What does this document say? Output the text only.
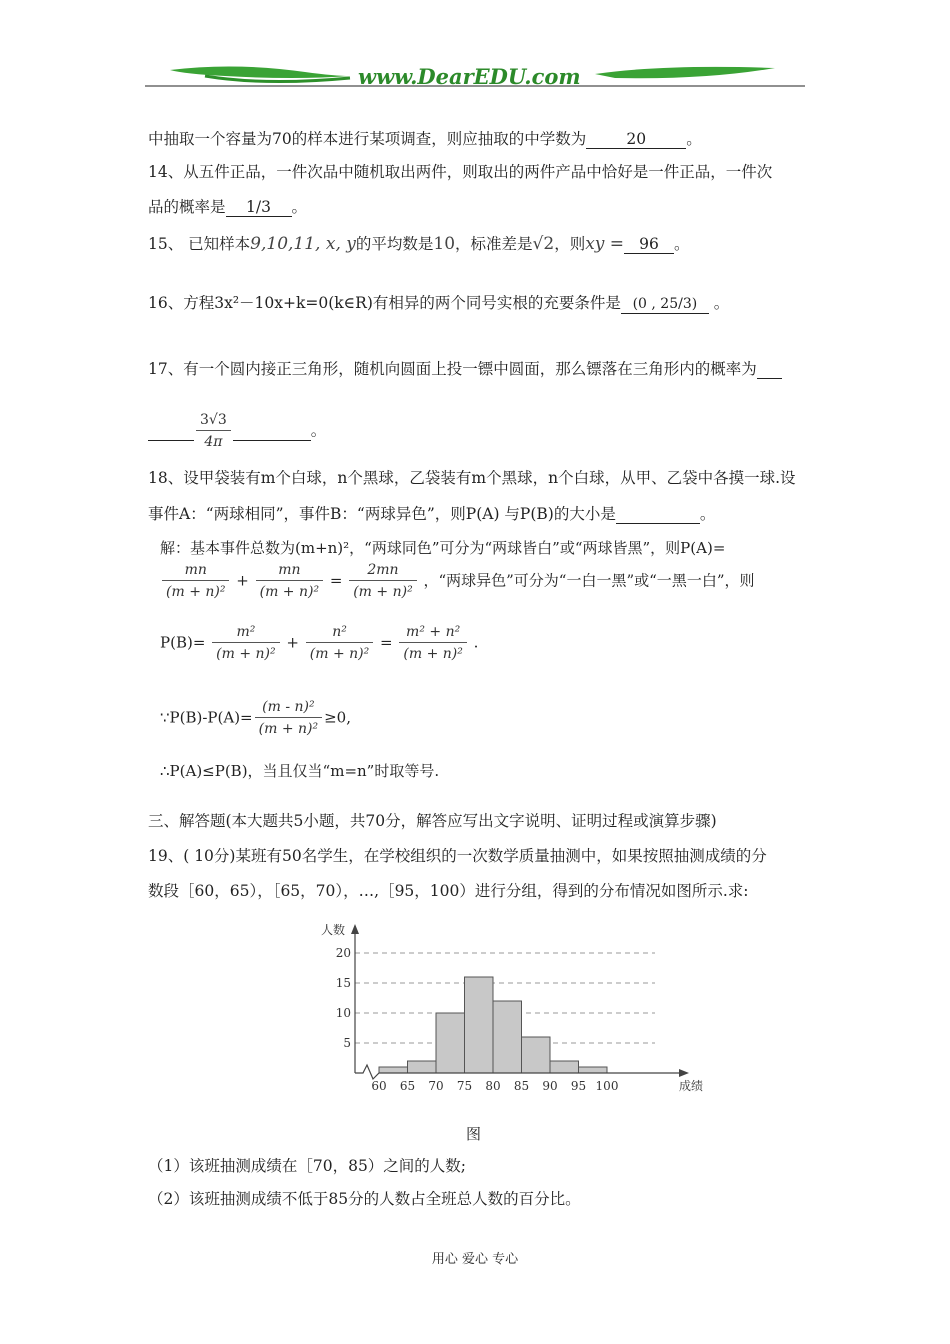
www.DearEDU.com
中抽取一个容量为70的样本进行某项调查，则应抽取的中学数为	20	。
14、从五件正品，一件次品中随机取出两件，则取出的两件产品中恰好是一件正品，一件次
品的概率是 1/3 。
15、 已知样本9,10,11, x, y的平均数是10，标准差是√2，则xy = 96 。
16、方程3x²－10x+k=0(k∈R)有相异的两个同号实根的充要条件是 (0 , 25/3) 。
17、有一个圆内接正三角形，随机向圆面上投一镖中圆面，那么镖落在三角形内的概率为

$\frac{3√3}{4\pi}$	。
18、设甲袋装有m个白球，n个黑球，乙袋装有m个黑球，n个白球，从甲、乙袋中各摸一球.设
事件A：“两球相同”，事件B：“两球异色”，则P(A) 与P(B)的大小是	。
解：基本事件总数为(m+n)²，“两球同色”可分为“两球皆白”或“两球皆黑”，则P(A)=
$\frac{mn}{\text{(m + n)²}} + \frac{mn}{\text{(m + n)²}} = \frac{2mn}{\text{(m + n)²}}$ ，“两球异色”可分为“一白一黑”或“一黑一白”，则
$P(B)= \frac{\text{m²}}{\text{(m + n)²}} + \frac{\text{n²}}{\text{(m + n)²}} = \frac{\text{m² + n²}}{\text{(m + n)²}}$ .
∵P(B)-P(A)= $\frac{\text{(m - n)²}}{\text{(m + n)²}} \ge 0$,
∴P(A)≤P(B)，当且仅当“m=n”时取等号.
三、解答题(本大题共5小题，共70分，解答应写出文字说明、证明过程或演算步骤)
19、( 10分)某班有50名学生，在学校组织的一次数学质量抽测中，如果按照抽测成绩的分
数段［60，65），［65，70），…,［95，100）进行分组，得到的分布情况如图所示.求:
5
10
15
20
60 65 70 75 80 85 90 95 100	成绩
人数
图
（1）该班抽测成绩在［70，85）之间的人数;
（2）该班抽测成绩不低于85分的人数占全班总人数的百分比。
用心 爱心 专心
